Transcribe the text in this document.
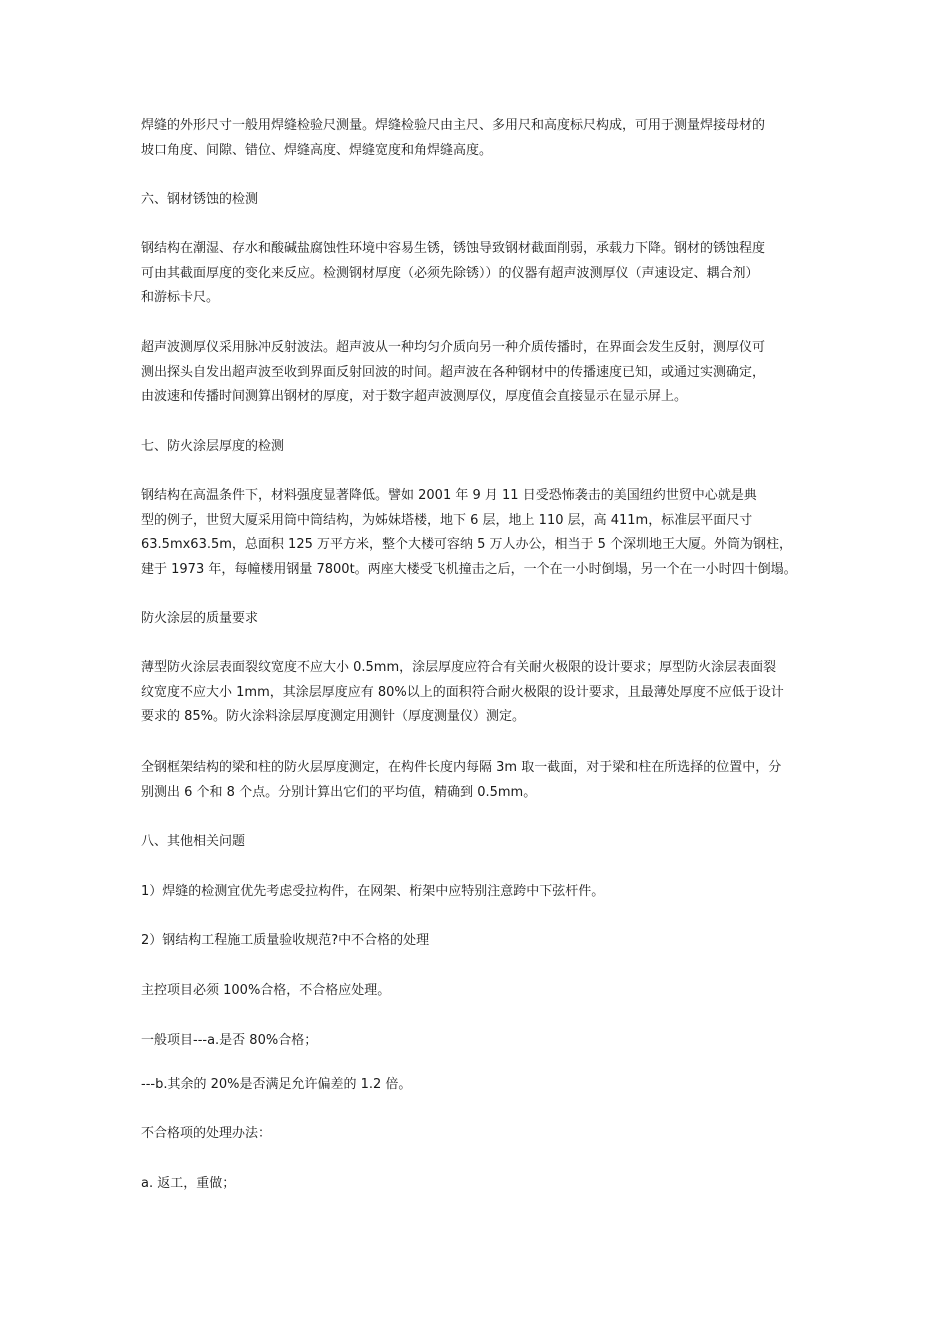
焊缝的外形尺寸一般用焊缝检验尺测量。焊缝检验尺由主尺、多用尺和高度标尺构成，可用于测量焊接母材的
坡口角度、间隙、错位、焊缝高度、焊缝宽度和角焊缝高度。

六、钢材锈蚀的检测

钢结构在潮湿、存水和酸碱盐腐蚀性环境中容易生锈，锈蚀导致钢材截面削弱，承载力下降。钢材的锈蚀程度
可由其截面厚度的变化来反应。检测钢材厚度（必须先除锈））的仪器有超声波测厚仪（声速设定、耦合剂）
和游标卡尺。

超声波测厚仪采用脉冲反射波法。超声波从一种均匀介质向另一种介质传播时，在界面会发生反射，测厚仪可
测出探头自发出超声波至收到界面反射回波的时间。超声波在各种钢材中的传播速度已知，或通过实测确定，
由波速和传播时间测算出钢材的厚度，对于数字超声波测厚仪，厚度值会直接显示在显示屏上。

七、防火涂层厚度的检测

钢结构在高温条件下，材料强度显著降低。譬如 2001 年 9 月 11 日受恐怖袭击的美国纽约世贸中心就是典
型的例子，世贸大厦采用筒中筒结构，为姊妹塔楼，地下 6 层，地上 110 层，高 411m，标准层平面尺寸
63.5mx63.5m，总面积 125 万平方米，整个大楼可容纳 5 万人办公，相当于 5 个深圳地王大厦。外筒为钢柱，
建于 1973 年，每幢楼用钢量 7800t。两座大楼受飞机撞击之后，一个在一小时倒塌，另一个在一小时四十倒塌。

防火涂层的质量要求

薄型防火涂层表面裂纹宽度不应大小 0.5mm，涂层厚度应符合有关耐火极限的设计要求；厚型防火涂层表面裂
纹宽度不应大小 1mm，其涂层厚度应有 80%以上的面积符合耐火极限的设计要求，且最薄处厚度不应低于设计
要求的 85%。防火涂料涂层厚度测定用测针（厚度测量仪）测定。

全钢框架结构的梁和柱的防火层厚度测定，在构件长度内每隔 3m 取一截面，对于梁和柱在所选择的位置中，分
别测出 6 个和 8 个点。分别计算出它们的平均值，精确到 0.5mm。

八、其他相关问题

1）焊缝的检测宜优先考虑受拉构件，在网架、桁架中应特别注意跨中下弦杆件。

2）钢结构工程施工质量验收规范?中不合格的处理

主控项目必须 100%合格，不合格应处理。

一般项目---a.是否 80%合格；

---b.其余的 20%是否满足允许偏差的 1.2 倍。

不合格项的处理办法：

a. 返工，重做；
